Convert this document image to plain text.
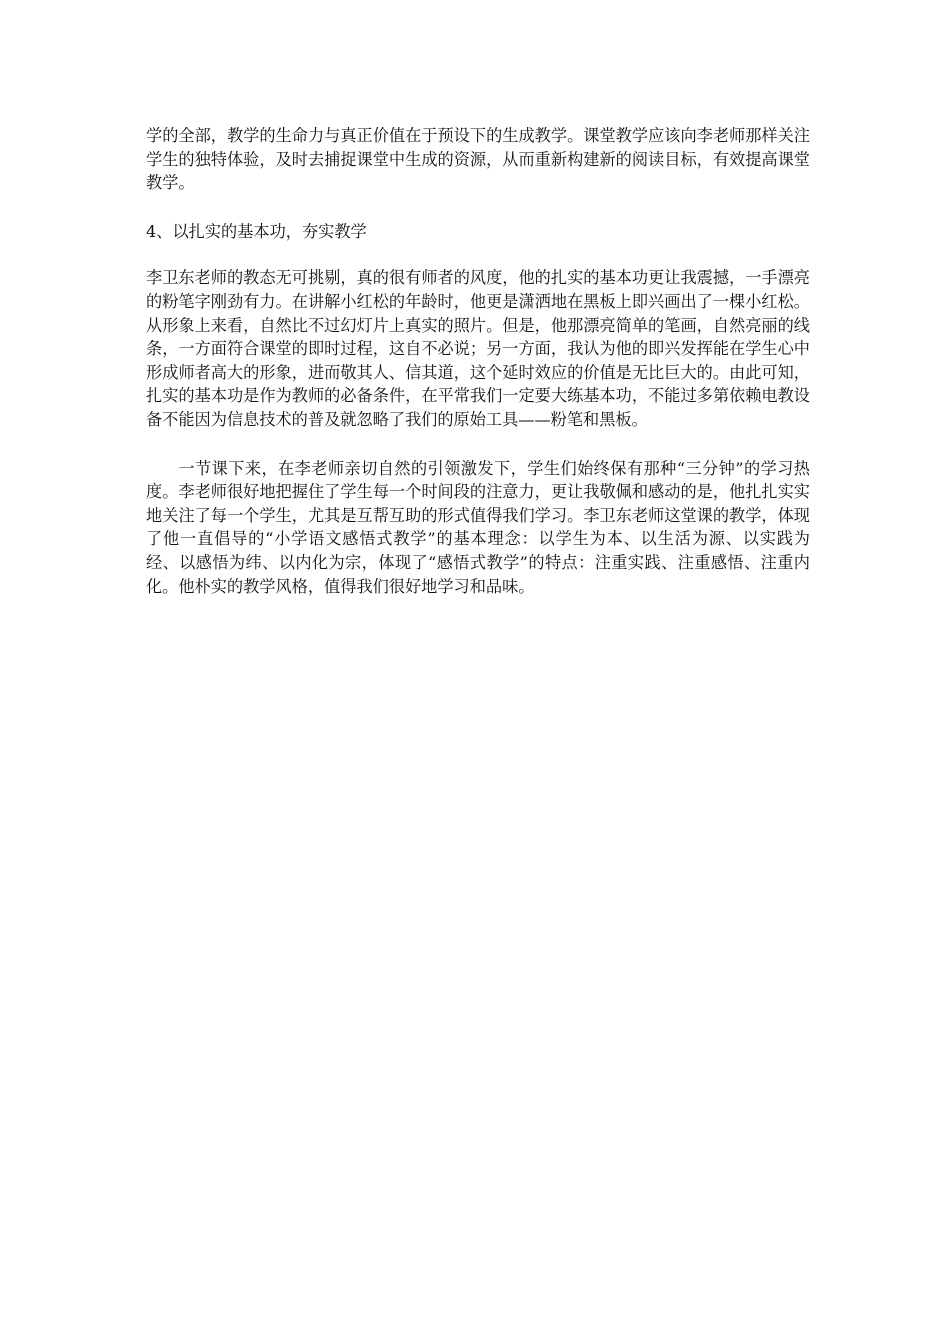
学的全部，教学的生命力与真正价值在于预设下的生成教学。课堂教学应该向李老师那样关注学生的独特体验，及时去捕捉课堂中生成的资源，从而重新构建新的阅读目标，有效提高课堂教学。

4、以扎实的基本功，夯实教学

李卫东老师的教态无可挑剔，真的很有师者的风度，他的扎实的基本功更让我震撼，一手漂亮的粉笔字刚劲有力。在讲解小红松的年龄时，他更是潇洒地在黑板上即兴画出了一棵小红松。从形象上来看，自然比不过幻灯片上真实的照片。但是，他那漂亮简单的笔画，自然亮丽的线条，一方面符合课堂的即时过程，这自不必说；另一方面，我认为他的即兴发挥能在学生心中形成师者高大的形象，进而敬其人、信其道，这个延时效应的价值是无比巨大的。由此可知，扎实的基本功是作为教师的必备条件，在平常我们一定要大练基本功，不能过多第依赖电教设备不能因为信息技术的普及就忽略了我们的原始工具——粉笔和黑板。

一节课下来，在李老师亲切自然的引领激发下，学生们始终保有那种“三分钟”的学习热度。李老师很好地把握住了学生每一个时间段的注意力，更让我敬佩和感动的是，他扎扎实实地关注了每一个学生，尤其是互帮互助的形式值得我们学习。李卫东老师这堂课的教学，体现了他一直倡导的“小学语文感悟式教学”的基本理念：以学生为本、以生活为源、以实践为经、以感悟为纬、以内化为宗，体现了“感悟式教学”的特点：注重实践、注重感悟、注重内化。他朴实的教学风格，值得我们很好地学习和品味。
